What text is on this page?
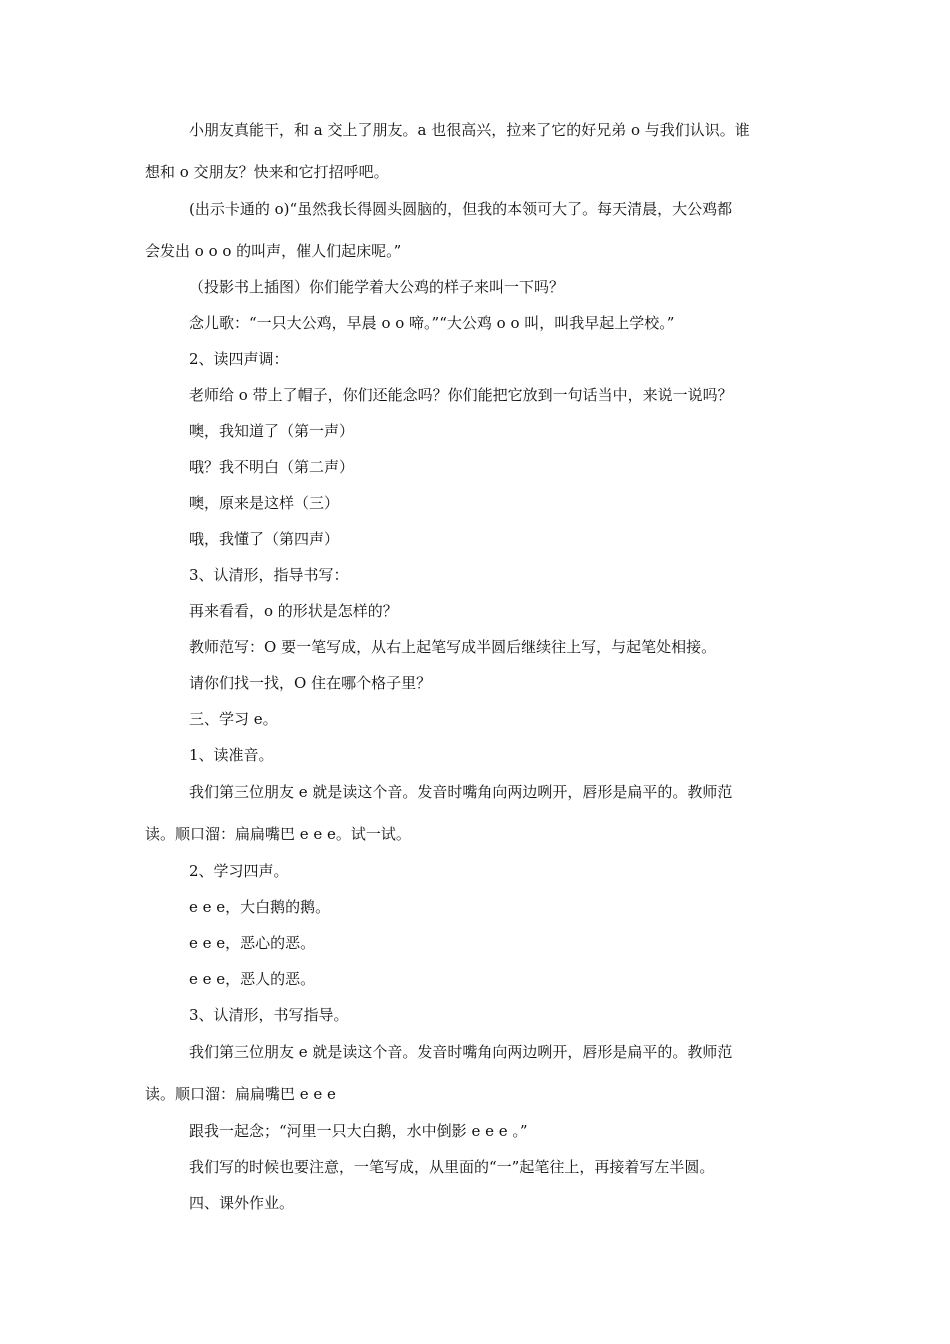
小朋友真能干，和 a 交上了朋友。a 也很高兴，拉来了它的好兄弟 o 与我们认识。谁

想和 o 交朋友？快来和它打招呼吧。

(出示卡通的 o)“虽然我长得圆头圆脑的，但我的本领可大了。每天清晨，大公鸡都

会发出 o o o 的叫声，催人们起床呢。”

（投影书上插图）你们能学着大公鸡的样子来叫一下吗？

念儿歌：“一只大公鸡，早晨 o o 啼。”“大公鸡 o o 叫，叫我早起上学校。”

2、读四声调：

老师给 o 带上了帽子，你们还能念吗？你们能把它放到一句话当中，来说一说吗？

噢，我知道了（第一声）

哦？我不明白（第二声）

噢，原来是这样（三）

哦，我懂了（第四声）

3、认清形，指导书写：

再来看看，o 的形状是怎样的？

教师范写：O 要一笔写成，从右上起笔写成半圆后继续往上写，与起笔处相接。

请你们找一找，O 住在哪个格子里？

三、学习 e。

1、读准音。

我们第三位朋友 e 就是读这个音。发音时嘴角向两边咧开，唇形是扁平的。教师范

读。顺口溜：扁扁嘴巴 e e e。试一试。

2、学习四声。

e e e，大白鹅的鹅。

e e e，恶心的恶。

e e e，恶人的恶。

3、认清形，书写指导。

我们第三位朋友 e 就是读这个音。发音时嘴角向两边咧开，唇形是扁平的。教师范

读。顺口溜：扁扁嘴巴 e e e

跟我一起念；“河里一只大白鹅，水中倒影 e e e 。”

我们写的时候也要注意，一笔写成，从里面的“一”起笔往上，再接着写左半圆。

四、课外作业。
